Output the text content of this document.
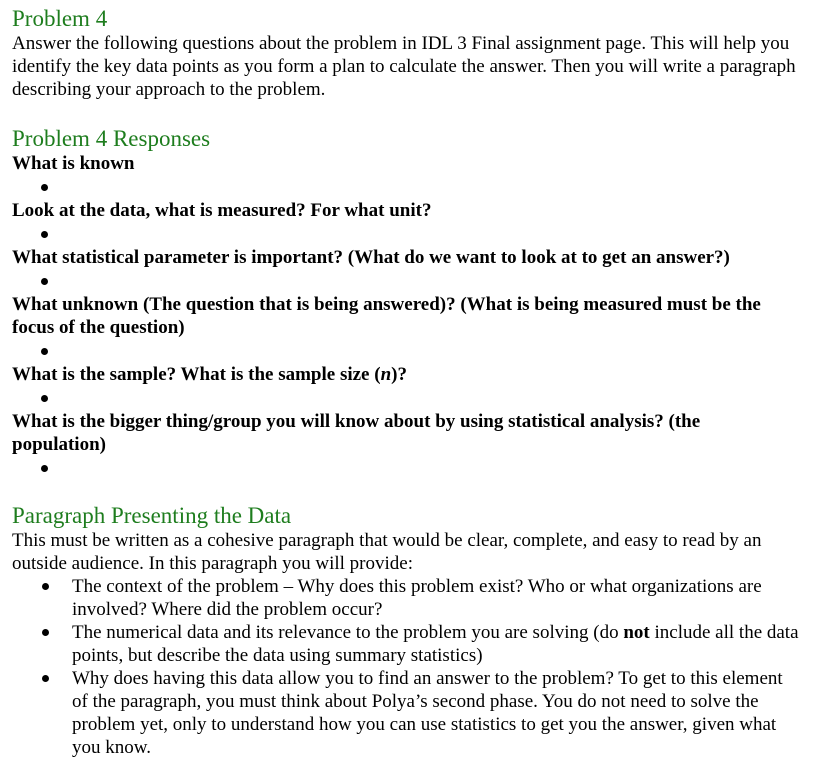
Problem 4

Answer the following questions about the problem in IDL 3 Final assignment page. This will help you identify the key data points as you form a plan to calculate the answer. Then you will write a paragraph describing your approach to the problem.

Problem 4 Responses

What is known

Look at the data, what is measured? For what unit?

What statistical parameter is important? (What do we want to look at to get an answer?)

What unknown (The question that is being answered)? (What is being measured must be the focus of the question)

What is the sample? What is the sample size (n)?

What is the bigger thing/group you will know about by using statistical analysis? (the population)

Paragraph Presenting the Data

This must be written as a cohesive paragraph that would be clear, complete, and easy to read by an outside audience. In this paragraph you will provide:

The context of the problem – Why does this problem exist? Who or what organizations are involved? Where did the problem occur?
The numerical data and its relevance to the problem you are solving (do not include all the data points, but describe the data using summary statistics)
Why does having this data allow you to find an answer to the problem? To get to this element of the paragraph, you must think about Polya’s second phase. You do not need to solve the problem yet, only to understand how you can use statistics to get you the answer, given what you know.
